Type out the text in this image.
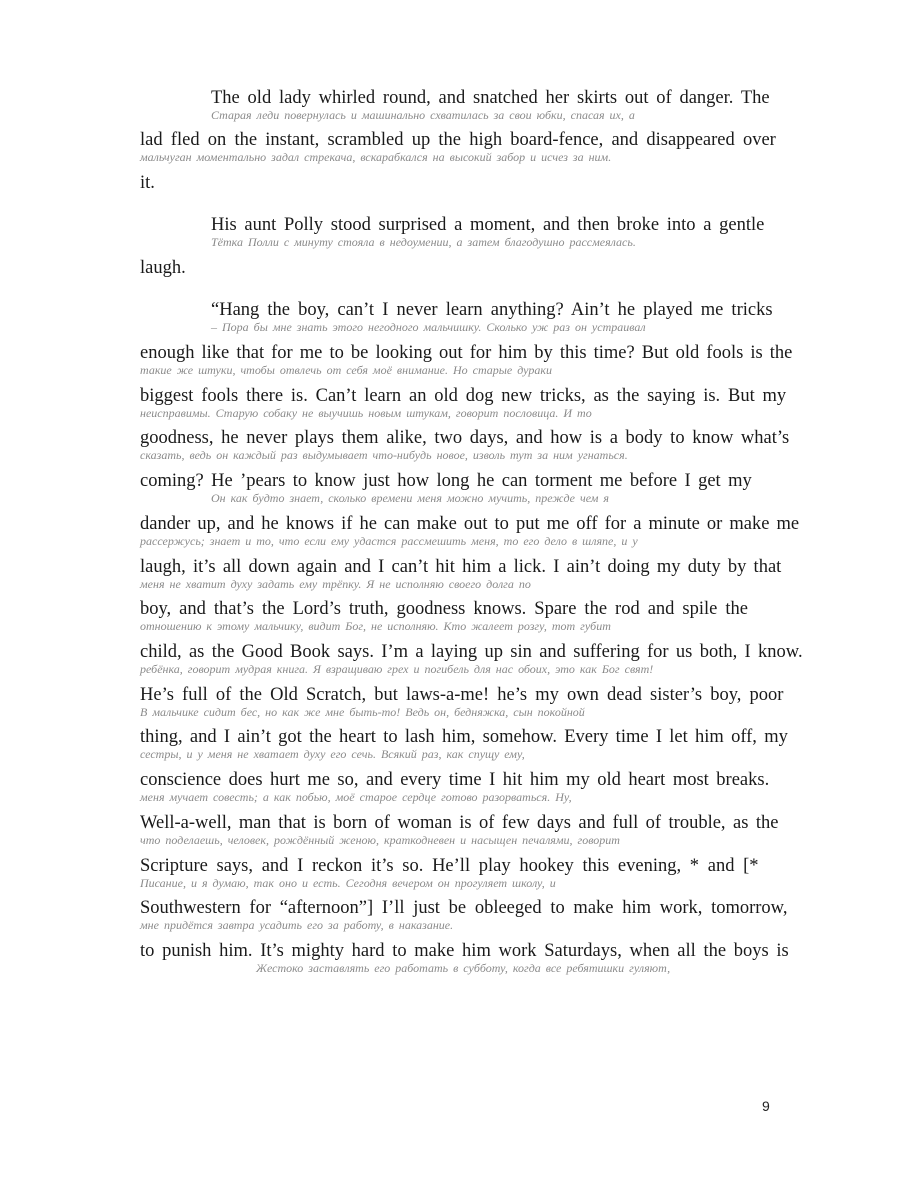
The old lady whirled round, and snatched her skirts out of danger. The
Старая леди повернулась и машинально схватилась за свои юбки, спасая их, а
lad fled on the instant, scrambled up the high board-fence, and disappeared over
мальчуган моментально задал стрекача, вскарабкался на высокий забор и исчез за ним.
it.
His aunt Polly stood surprised a moment, and then broke into a gentle
Тётка Полли с минуту стояла в недоумении, а затем благодушно рассмеялась.
laugh.
“Hang the boy, can’t I never learn anything? Ain’t he played me tricks
– Пора бы мне знать этого негодного мальчишку. Сколько уж раз он устраивал
enough like that for me to be looking out for him by this time? But old fools is the
такие же штуки, чтобы отвлечь от себя моё внимание. Но старые дураки
biggest fools there is. Can’t learn an old dog new tricks, as the saying is. But my
неисправимы. Старую собаку не выучишь новым штукам, говорит пословица. И то
goodness, he never plays them alike, two days, and how is a body to know what’s
сказать, ведь он каждый раз выдумывает что-нибудь новое, изволь тут за ним угнаться.
coming? He ’pears to know just how long he can torment me before I get my
Он как будто знает, сколько времени меня можно мучить, прежде чем я
dander up, and he knows if he can make out to put me off for a minute or make me
рассержусь; знает и то, что если ему удастся рассмешить меня, то его дело в шляпе, и у
laugh, it’s all down again and I can’t hit him a lick. I ain’t doing my duty by that
меня не хватит духу задать ему трёпку. Я не исполняю своего долга по
boy, and that’s the Lord’s truth, goodness knows. Spare the rod and spile the
отношению к этому мальчику, видит Бог, не исполняю. Кто жалеет розгу, тот губит
child, as the Good Book says. I’m a laying up sin and suffering for us both, I know.
ребёнка, говорит мудрая книга. Я взращиваю грех и погибель для нас обоих, это как Бог свят!
He’s full of the Old Scratch, but laws-a-me! he’s my own dead sister’s boy, poor
В мальчике сидит бес, но как же мне быть-то! Ведь он, бедняжка, сын покойной
thing, and I ain’t got the heart to lash him, somehow. Every time I let him off, my
сестры, и у меня не хватает духу его сечь. Всякий раз, как спущу ему,
conscience does hurt me so, and every time I hit him my old heart most breaks.
меня мучает совесть; а как побью, моё старое сердце готово разорваться. Ну,
Well-a-well, man that is born of woman is of few days and full of trouble, as the
что поделаешь, человек, рождённый женою, краткодневен и насыщен печалями, говорит
Scripture says, and I reckon it’s so. He’ll play hookey this evening, * and [*
Писание, и я думаю, так оно и есть. Сегодня вечером он прогуляет школу, и
Southwestern for “afternoon”] I’ll just be obleeged to make him work, tomorrow,
мне придётся завтра усадить его за работу, в наказание.
to punish him. It’s mighty hard to make him work Saturdays, when all the boys is
Жестоко заставлять его работать в субботу, когда все ребятишки гуляют,
9
